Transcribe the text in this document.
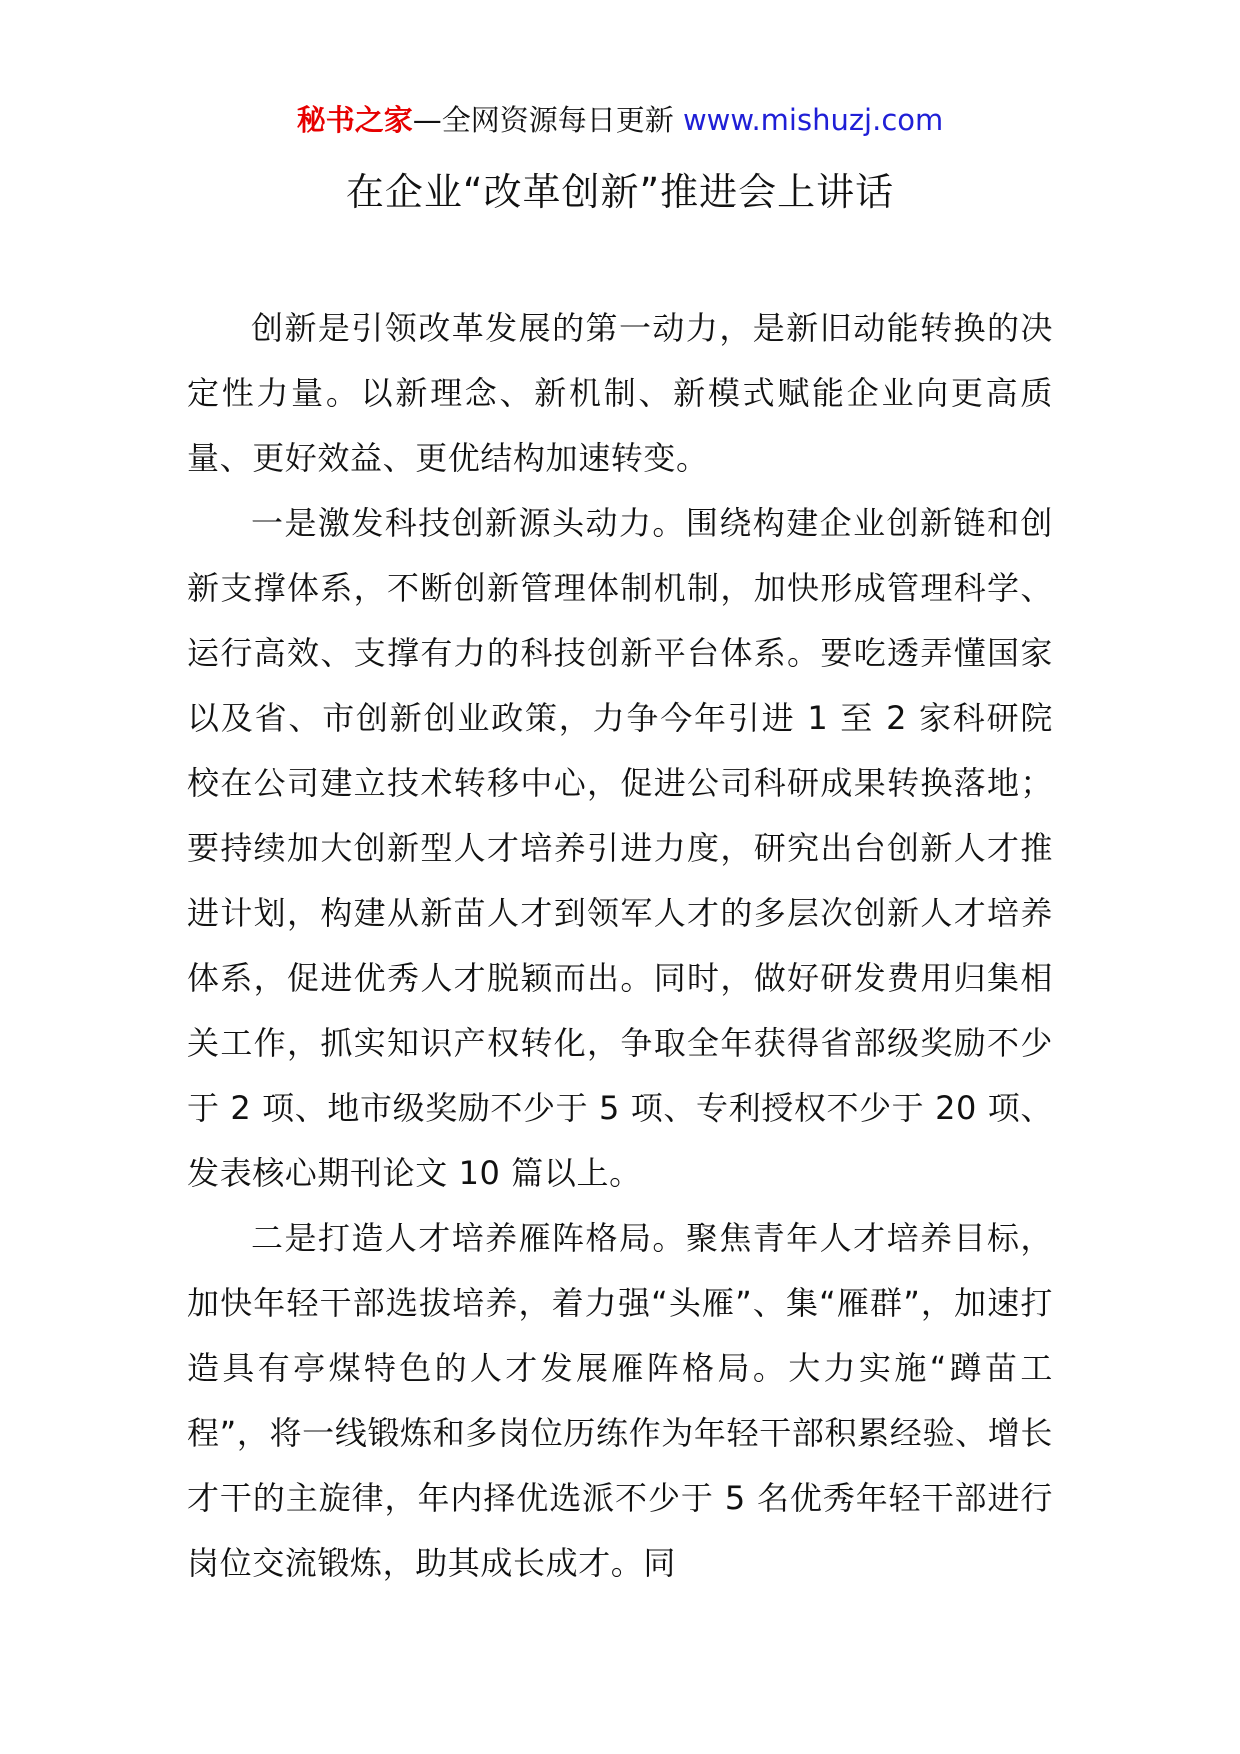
秘书之家—全网资源每日更新 www.mishuzj.com
在企业“改革创新”推进会上讲话

创新是引领改革发展的第一动力，是新旧动能转换的决定性力量。以新理念、新机制、新模式赋能企业向更高质量、更好效益、更优结构加速转变。

一是激发科技创新源头动力。围绕构建企业创新链和创新支撑体系，不断创新管理体制机制，加快形成管理科学、运行高效、支撑有力的科技创新平台体系。要吃透弄懂国家以及省、市创新创业政策，力争今年引进 1 至 2 家科研院校在公司建立技术转移中心，促进公司科研成果转换落地；要持续加大创新型人才培养引进力度，研究出台创新人才推进计划，构建从新苗人才到领军人才的多层次创新人才培养体系，促进优秀人才脱颖而出。同时，做好研发费用归集相关工作，抓实知识产权转化，争取全年获得省部级奖励不少于 2 项、地市级奖励不少于 5 项、专利授权不少于 20 项、发表核心期刊论文 10 篇以上。

二是打造人才培养雁阵格局。聚焦青年人才培养目标，加快年轻干部选拔培养，着力强“头雁”、集“雁群”，加速打造具有亭煤特色的人才发展雁阵格局。大力实施“蹲苗工程”，将一线锻炼和多岗位历练作为年轻干部积累经验、增长才干的主旋律，年内择优选派不少于 5 名优秀年轻干部进行岗位交流锻炼，助其成长成才。同
